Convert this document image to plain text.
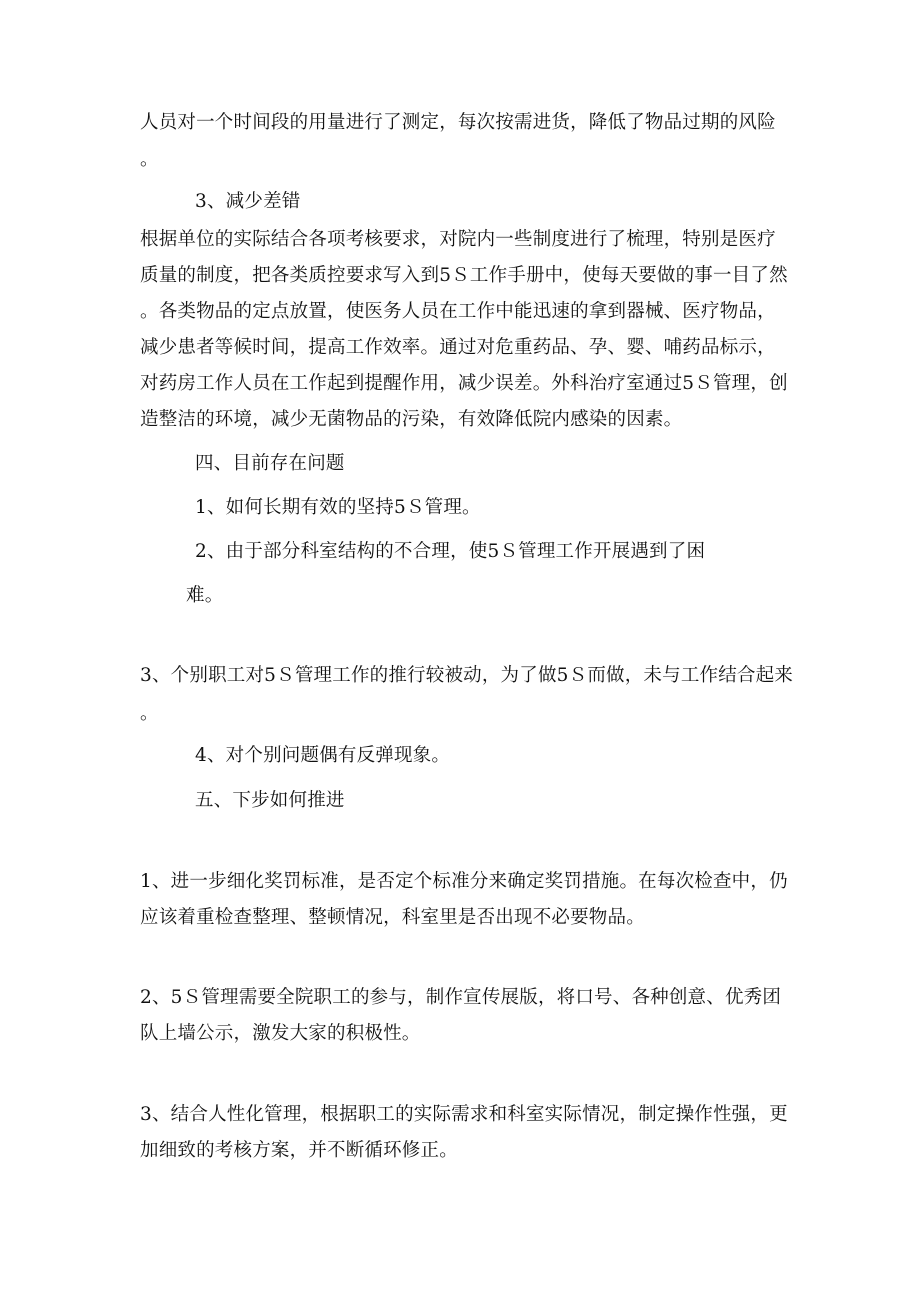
人员对一个时间段的用量进行了测定，每次按需进货，降低了物品过期的风险
。
3、减少差错
根据单位的实际结合各项考核要求，对院内一些制度进行了梳理，特别是医疗
质量的制度，把各类质控要求写入到5Ｓ工作手册中，使每天要做的事一目了然
。各类物品的定点放置，使医务人员在工作中能迅速的拿到器械、医疗物品，
减少患者等候时间，提高工作效率。通过对危重药品、孕、婴、哺药品标示，
对药房工作人员在工作起到提醒作用，减少误差。外科治疗室通过5Ｓ管理，创
造整洁的环境，减少无菌物品的污染，有效降低院内感染的因素。
四、目前存在问题
1、如何长期有效的坚持5Ｓ管理。
2、由于部分科室结构的不合理，使5Ｓ管理工作开展遇到了困
难。
3、个别职工对5Ｓ管理工作的推行较被动，为了做5Ｓ而做，未与工作结合起来
。
4、对个别问题偶有反弹现象。
五、下步如何推进
1、进一步细化奖罚标准，是否定个标准分来确定奖罚措施。在每次检查中，仍
应该着重检查整理、整顿情况，科室里是否出现不必要物品。
2、5Ｓ管理需要全院职工的参与，制作宣传展版，将口号、各种创意、优秀团
队上墙公示，激发大家的积极性。
3、结合人性化管理，根据职工的实际需求和科室实际情况，制定操作性强，更
加细致的考核方案，并不断循环修正。
